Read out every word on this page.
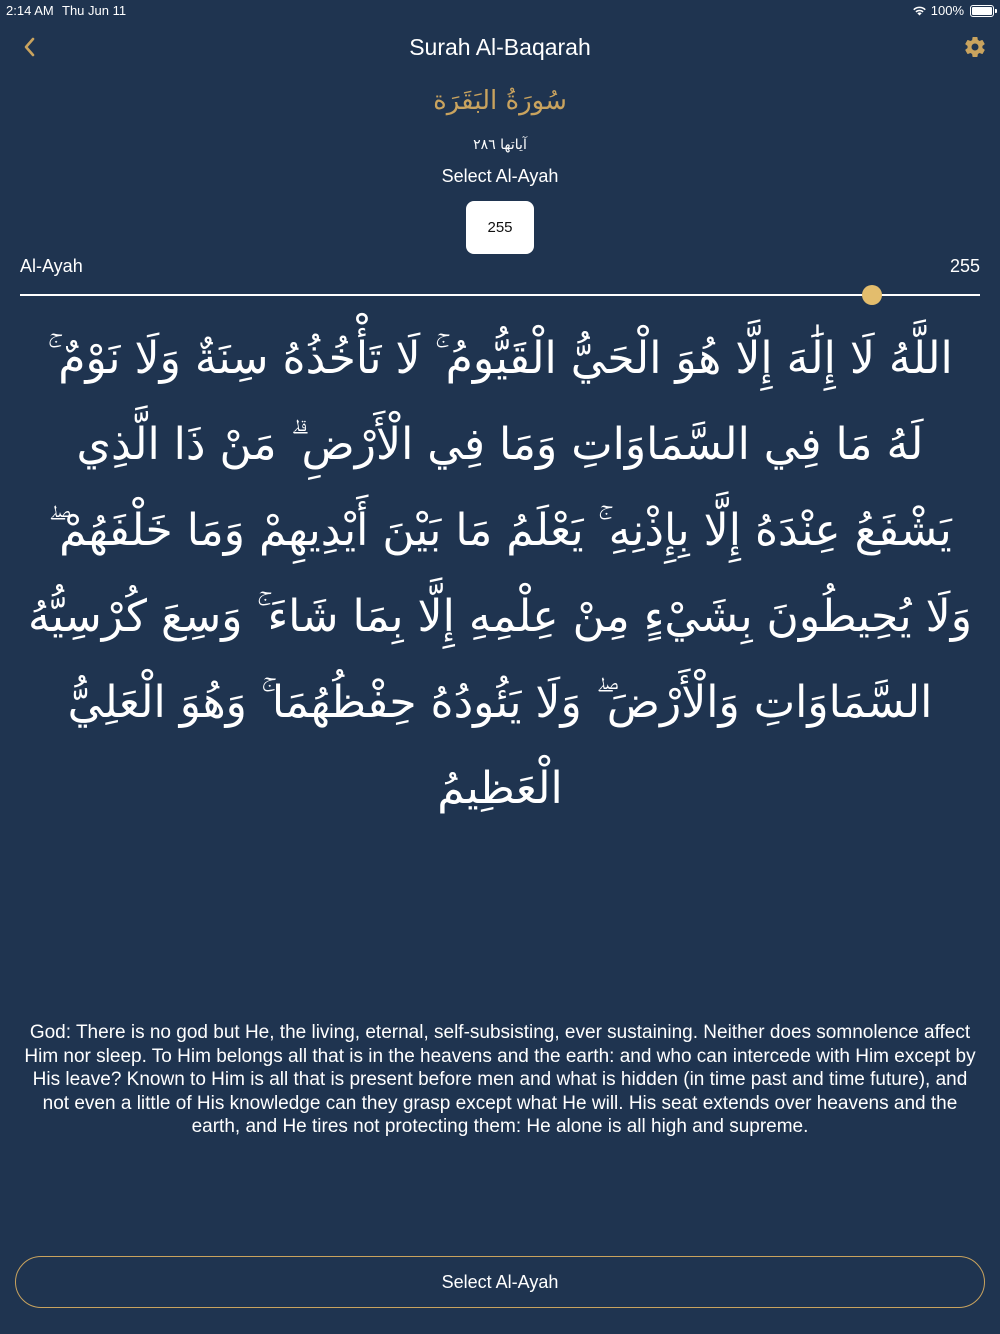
2:14 AM Thu Jun 11	100%
Surah Al-Baqarah
سُورَةُ البَقَرَة
آياتها ٢٨٦
Select Al-Ayah
255
Al-Ayah	255
اللَّهُ لَا إِلَٰهَ إِلَّا هُوَ الْحَيُّ الْقَيُّومُ ۚ لَا تَأْخُذُهُ سِنَةٌ وَلَا نَوْمٌ ۚ لَهُ مَا فِي السَّمَاوَاتِ وَمَا فِي الْأَرْضِ ۗ مَنْ ذَا الَّذِي يَشْفَعُ عِنْدَهُ إِلَّا بِإِذْنِهِ ۚ يَعْلَمُ مَا بَيْنَ أَيْدِيهِمْ وَمَا خَلْفَهُمْ ۖ وَلَا يُحِيطُونَ بِشَيْءٍ مِنْ عِلْمِهِ إِلَّا بِمَا شَاءَ ۚ وَسِعَ كُرْسِيُّهُ السَّمَاوَاتِ وَالْأَرْضَ ۖ وَلَا يَئُودُهُ حِفْظُهُمَا ۚ وَهُوَ الْعَلِيُّ الْعَظِيمُ
God: There is no god but He, the living, eternal, self-subsisting, ever sustaining. Neither does somnolence affect Him nor sleep. To Him belongs all that is in the heavens and the earth: and who can intercede with Him except by His leave? Known to Him is all that is present before men and what is hidden (in time past and time future), and not even a little of His knowledge can they grasp except what He will. His seat extends over heavens and the earth, and He tires not protecting them: He alone is all high and supreme.
Select Al-Ayah
